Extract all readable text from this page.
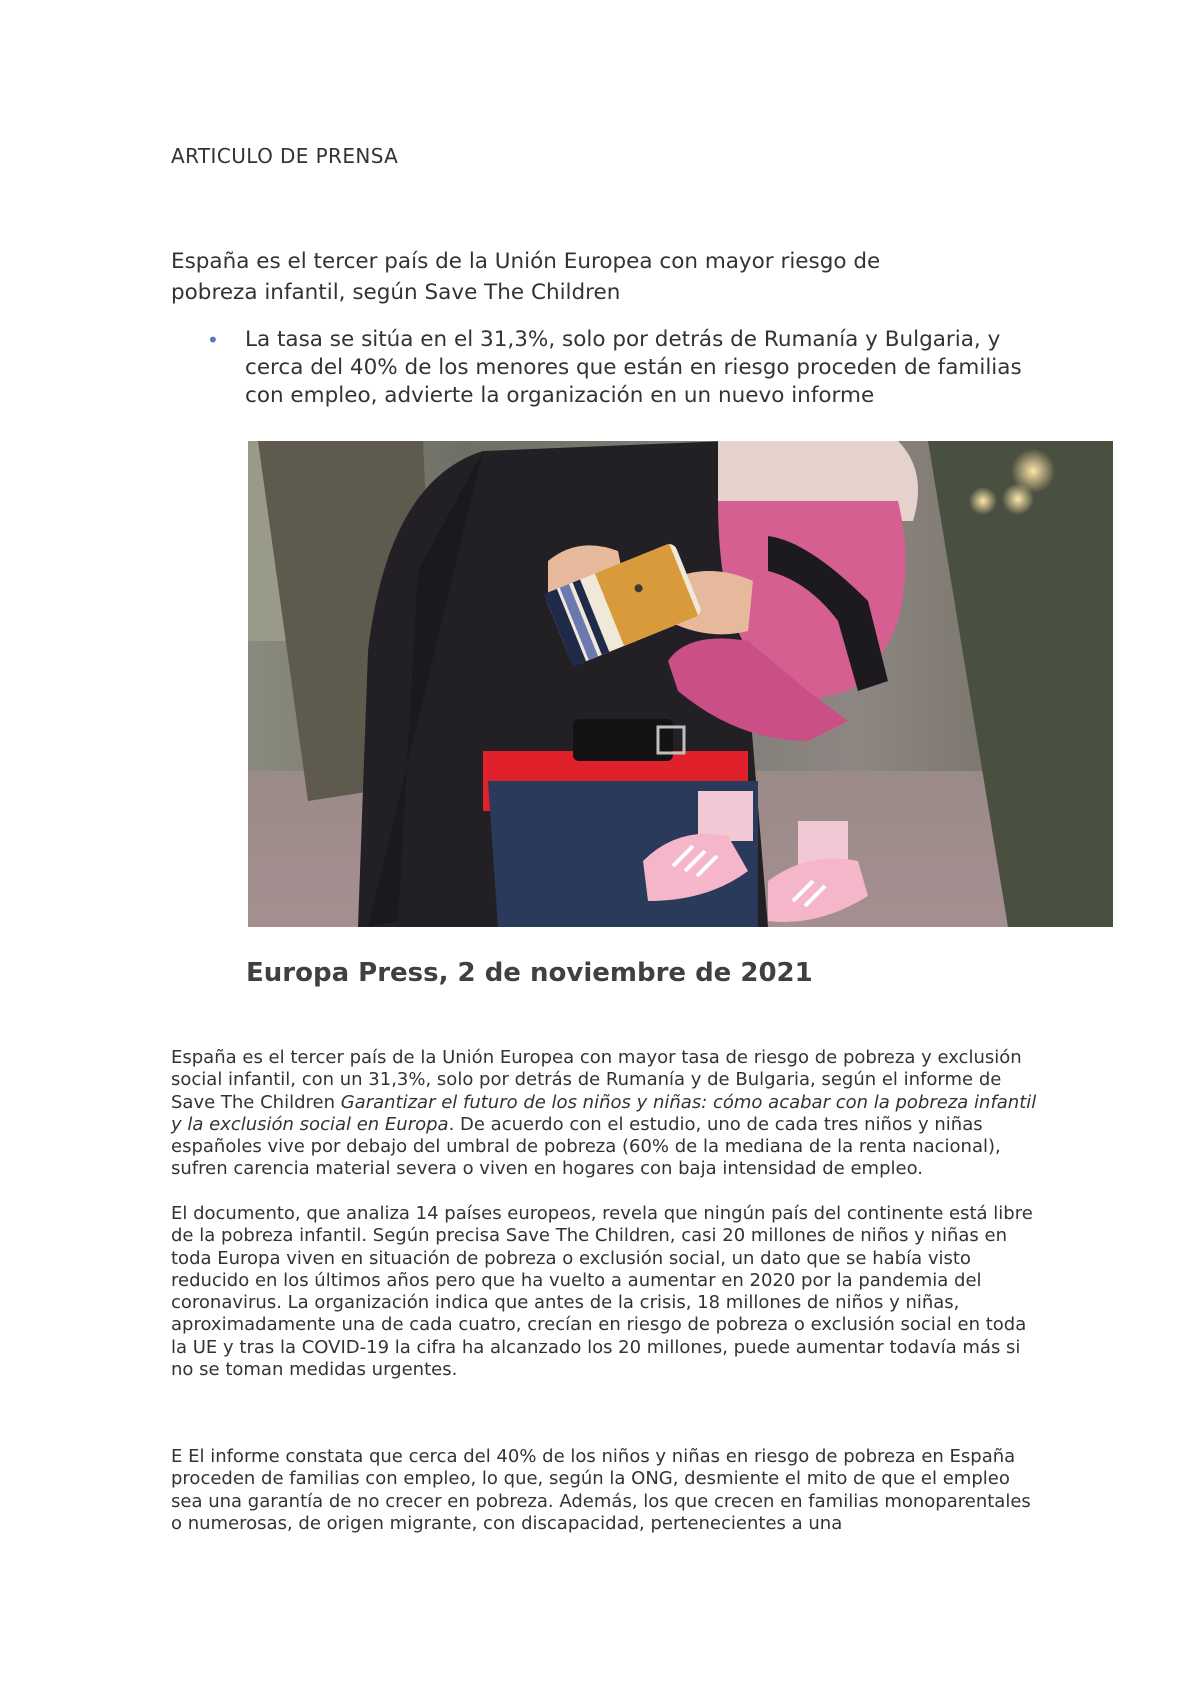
ARTICULO DE PRENSA
España es el tercer país de la Unión Europea con mayor riesgo de
pobreza infantil, según Save The Children
• La tasa se sitúa en el 31,3%, solo por detrás de Rumanía y Bulgaria, y cerca del 40% de los menores que están en riesgo proceden de familias con empleo, advierte la organización en un nuevo informe
Europa Press, 2 de noviembre de 2021

España es el tercer país de la Unión Europea con mayor tasa de riesgo de pobreza y exclusión social infantil, con un 31,3%, solo por detrás de Rumanía y de Bulgaria, según el informe de Save The Children Garantizar el futuro de los niños y niñas: cómo acabar con la pobreza infantil y la exclusión social en Europa. De acuerdo con el estudio, uno de cada tres niños y niñas españoles vive por debajo del umbral de pobreza (60% de la mediana de la renta nacional), sufren carencia material severa o viven en hogares con baja intensidad de empleo.

El documento, que analiza 14 países europeos, revela que ningún país del continente está libre de la pobreza infantil. Según precisa Save The Children, casi 20 millones de niños y niñas en toda Europa viven en situación de pobreza o exclusión social, un dato que se había visto reducido en los últimos años pero que ha vuelto a aumentar en 2020 por la pandemia del coronavirus. La organización indica que antes de la crisis, 18 millones de niños y niñas, aproximadamente una de cada cuatro, crecían en riesgo de pobreza o exclusión social en toda la UE y tras la COVID-19 la cifra ha alcanzado los 20 millones, puede aumentar todavía más si no se toman medidas urgentes.

E El informe constata que cerca del 40% de los niños y niñas en riesgo de pobreza en España proceden de familias con empleo, lo que, según la ONG, desmiente el mito de que el empleo sea una garantía de no crecer en pobreza. Además, los que crecen en familias monoparentales o numerosas, de origen migrante, con discapacidad, pertenecientes a una
